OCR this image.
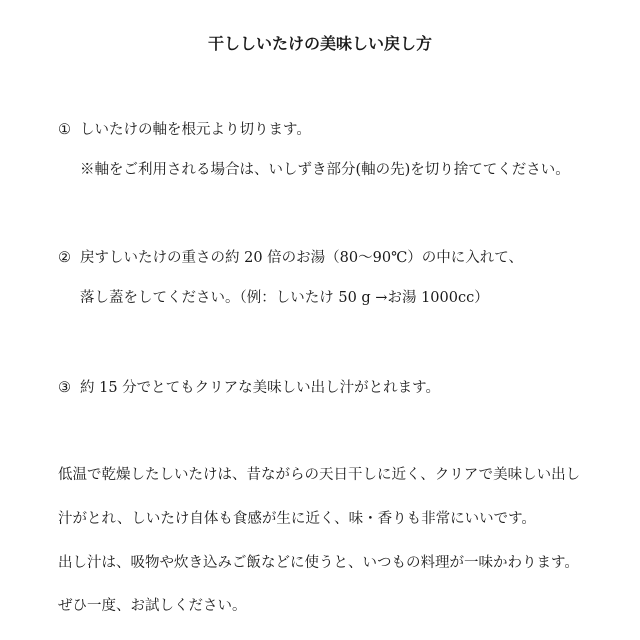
干ししいたけの美味しい戻し方
① しいたけの軸を根元より切ります。
※軸をご利用される場合は、いしずき部分(軸の先)を切り捨ててください。
② 戻すしいたけの重さの約 20 倍のお湯（80〜90℃）の中に入れて、
落し蓋をしてください。（例：しいたけ 50 g →お湯 1000cc）
③ 約 15 分でとてもクリアな美味しい出し汁がとれます。
低温で乾燥したしいたけは、昔ながらの天日干しに近く、クリアで美味しい出し
汁がとれ、しいたけ自体も食感が生に近く、味・香りも非常にいいです。
出し汁は、吸物や炊き込みご飯などに使うと、いつもの料理が一味かわります。
ぜひ一度、お試しください。
